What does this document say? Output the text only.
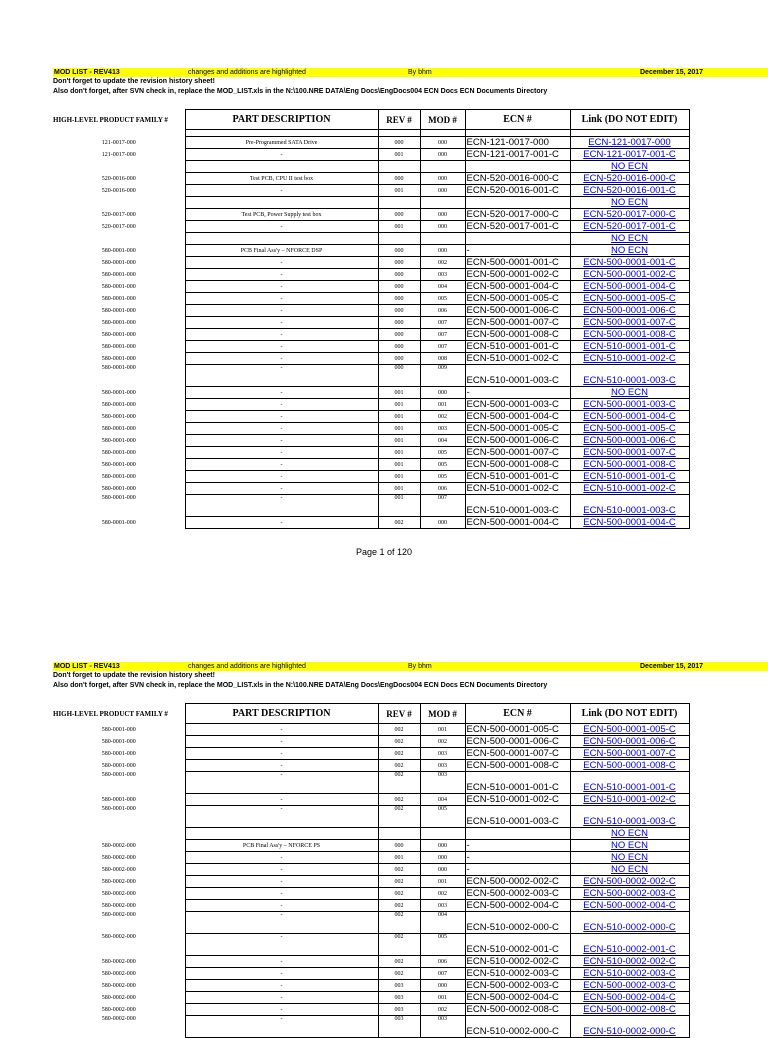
MOD LIST - REV413	changes and additions are highlighted	By bhm	December 15, 2017
Don't forget to update the revision history sheet!
Also don't forget, after SVN check in, replace the MOD_LIST.xls in the N:\100.NRE DATA\Eng Docs\EngDocs004 ECN Docs ECN Documents Directory
HIGH-LEVEL PRODUCT FAMILY #	PART DESCRIPTION	REV #	MOD #	ECN #	Link (DO NOT EDIT)

121-0017-000	Pre-Programmed SATA Drive	000	000	ECN-121-0017-000	ECN-121-0017-000
121-0017-000	-	001	000	ECN-121-0017-001-C	ECN-121-0017-001-C
					NO ECN
520-0016-000	Test PCB, CPU II test box	000	000	ECN-520-0016-000-C	ECN-520-0016-000-C
520-0016-000	-	001	000	ECN-520-0016-001-C	ECN-520-0016-001-C
					NO ECN
520-0017-000	Test PCB, Power Supply test box	000	000	ECN-520-0017-000-C	ECN-520-0017-000-C
520-0017-000	-	001	000	ECN-520-0017-001-C	ECN-520-0017-001-C
					NO ECN
580-0001-000	PCB Final Ass'y – NFORCE DSP	000	000	-	NO ECN
580-0001-000	-	000	002	ECN-500-0001-001-C	ECN-500-0001-001-C
580-0001-000	-	000	003	ECN-500-0001-002-C	ECN-500-0001-002-C
580-0001-000	-	000	004	ECN-500-0001-004-C	ECN-500-0001-004-C
580-0001-000	-	000	005	ECN-500-0001-005-C	ECN-500-0001-005-C
580-0001-000	-	000	006	ECN-500-0001-006-C	ECN-500-0001-006-C
580-0001-000	-	000	007	ECN-500-0001-007-C	ECN-500-0001-007-C
580-0001-000	-	000	007	ECN-500-0001-008-C	ECN-500-0001-008-C
580-0001-000	-	000	007	ECN-510-0001-001-C	ECN-510-0001-001-C
580-0001-000	-	000	008	ECN-510-0001-002-C	ECN-510-0001-002-C
580-0001-000	-	000	009	ECN-510-0001-003-C	ECN-510-0001-003-C
580-0001-000	-	001	000	-	NO ECN
580-0001-000	-	001	001	ECN-500-0001-003-C	ECN-500-0001-003-C
580-0001-000	-	001	002	ECN-500-0001-004-C	ECN-500-0001-004-C
580-0001-000	-	001	003	ECN-500-0001-005-C	ECN-500-0001-005-C
580-0001-000	-	001	004	ECN-500-0001-006-C	ECN-500-0001-006-C
580-0001-000	-	001	005	ECN-500-0001-007-C	ECN-500-0001-007-C
580-0001-000	-	001	005	ECN-500-0001-008-C	ECN-500-0001-008-C
580-0001-000	-	001	005	ECN-510-0001-001-C	ECN-510-0001-001-C
580-0001-000	-	001	006	ECN-510-0001-002-C	ECN-510-0001-002-C
580-0001-000	-	001	007	ECN-510-0001-003-C	ECN-510-0001-003-C
580-0001-000	-	002	000	ECN-500-0001-004-C	ECN-500-0001-004-C
Page 1 of 120
MOD LIST - REV413	changes and additions are highlighted	By bhm	December 15, 2017
Don't forget to update the revision history sheet!
Also don't forget, after SVN check in, replace the MOD_LIST.xls in the N:\100.NRE DATA\Eng Docs\EngDocs004 ECN Docs ECN Documents Directory
HIGH-LEVEL PRODUCT FAMILY #	PART DESCRIPTION	REV #	MOD #	ECN #	Link (DO NOT EDIT)
580-0001-000	-	002	001	ECN-500-0001-005-C	ECN-500-0001-005-C
580-0001-000	-	002	002	ECN-500-0001-006-C	ECN-500-0001-006-C
580-0001-000	-	002	003	ECN-500-0001-007-C	ECN-500-0001-007-C
580-0001-000	-	002	003	ECN-500-0001-008-C	ECN-500-0001-008-C
580-0001-000	-	002	003	ECN-510-0001-001-C	ECN-510-0001-001-C
580-0001-000	-	002	004	ECN-510-0001-002-C	ECN-510-0001-002-C
580-0001-000	-	002	005	ECN-510-0001-003-C	ECN-510-0001-003-C
					NO ECN
580-0002-000	PCB Final Ass'y – NFORCE PS	000	000	-	NO ECN
580-0002-000	-	001	000	-	NO ECN
580-0002-000	-	002	000	-	NO ECN
580-0002-000	-	002	001	ECN-500-0002-002-C	ECN-500-0002-002-C
580-0002-000	-	002	002	ECN-500-0002-003-C	ECN-500-0002-003-C
580-0002-000	-	002	003	ECN-500-0002-004-C	ECN-500-0002-004-C
580-0002-000	-	002	004	ECN-510-0002-000-C	ECN-510-0002-000-C
580-0002-000	-	002	005	ECN-510-0002-001-C	ECN-510-0002-001-C
580-0002-000	-	002	006	ECN-510-0002-002-C	ECN-510-0002-002-C
580-0002-000	-	002	007	ECN-510-0002-003-C	ECN-510-0002-003-C
580-0002-000	-	003	000	ECN-500-0002-003-C	ECN-500-0002-003-C
580-0002-000	-	003	001	ECN-500-0002-004-C	ECN-500-0002-004-C
580-0002-000	-	003	002	ECN-500-0002-008-C	ECN-500-0002-008-C
580-0002-000	-	003	003	ECN-510-0002-000-C	ECN-510-0002-000-C
